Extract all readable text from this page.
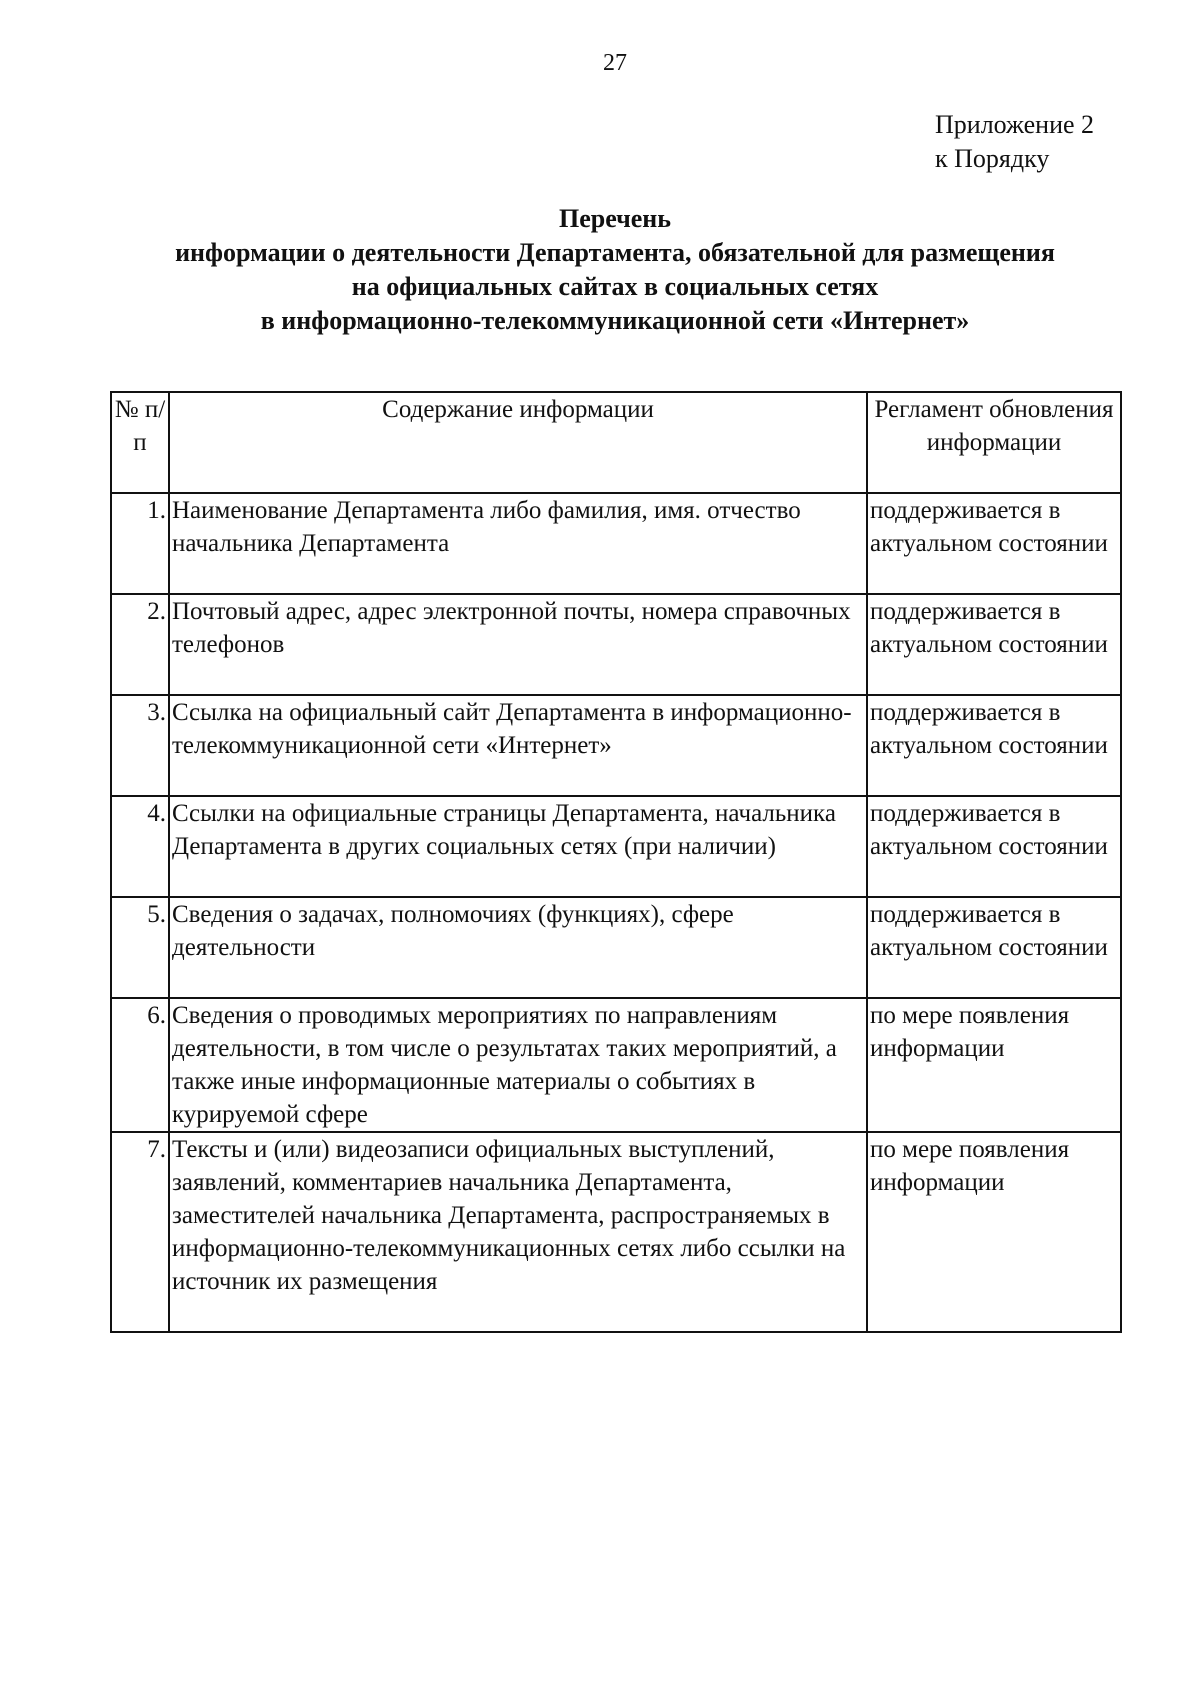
27
Приложение 2
к Порядку
Перечень
информации о деятельности Департамента, обязательной для размещения
на официальных сайтах в социальных сетях
в информационно-телекоммуникационной сети «Интернет»
№ п/п	Содержание информации	Регламент обновления информации
1.	Наименование Департамента либо фамилия, имя. отчество начальника Департамента	поддерживается в актуальном состоянии
2.	Почтовый адрес, адрес электронной почты, номера справочных телефонов	поддерживается в актуальном состоянии
3.	Ссылка на официальный сайт Департамента в информационно-телекоммуникационной сети «Интернет»	поддерживается в актуальном состоянии
4.	Ссылки на официальные страницы Департамента, начальника Департамента в других социальных сетях (при наличии)	поддерживается в актуальном состоянии
5.	Сведения о задачах, полномочиях (функциях), сфере деятельности	поддерживается в актуальном состоянии
6.	Сведения о проводимых мероприятиях по направлениям деятельности, в том числе о результатах таких мероприятий, а также иные информационные материалы о событиях в курируемой сфере	по мере появления информации
7.	Тексты и (или) видеозаписи официальных выступлений, заявлений, комментариев начальника Департамента, заместителей начальника Департамента, распространяемых в информационно-телекоммуникационных сетях либо ссылки на источник их размещения	по мере появления информации
